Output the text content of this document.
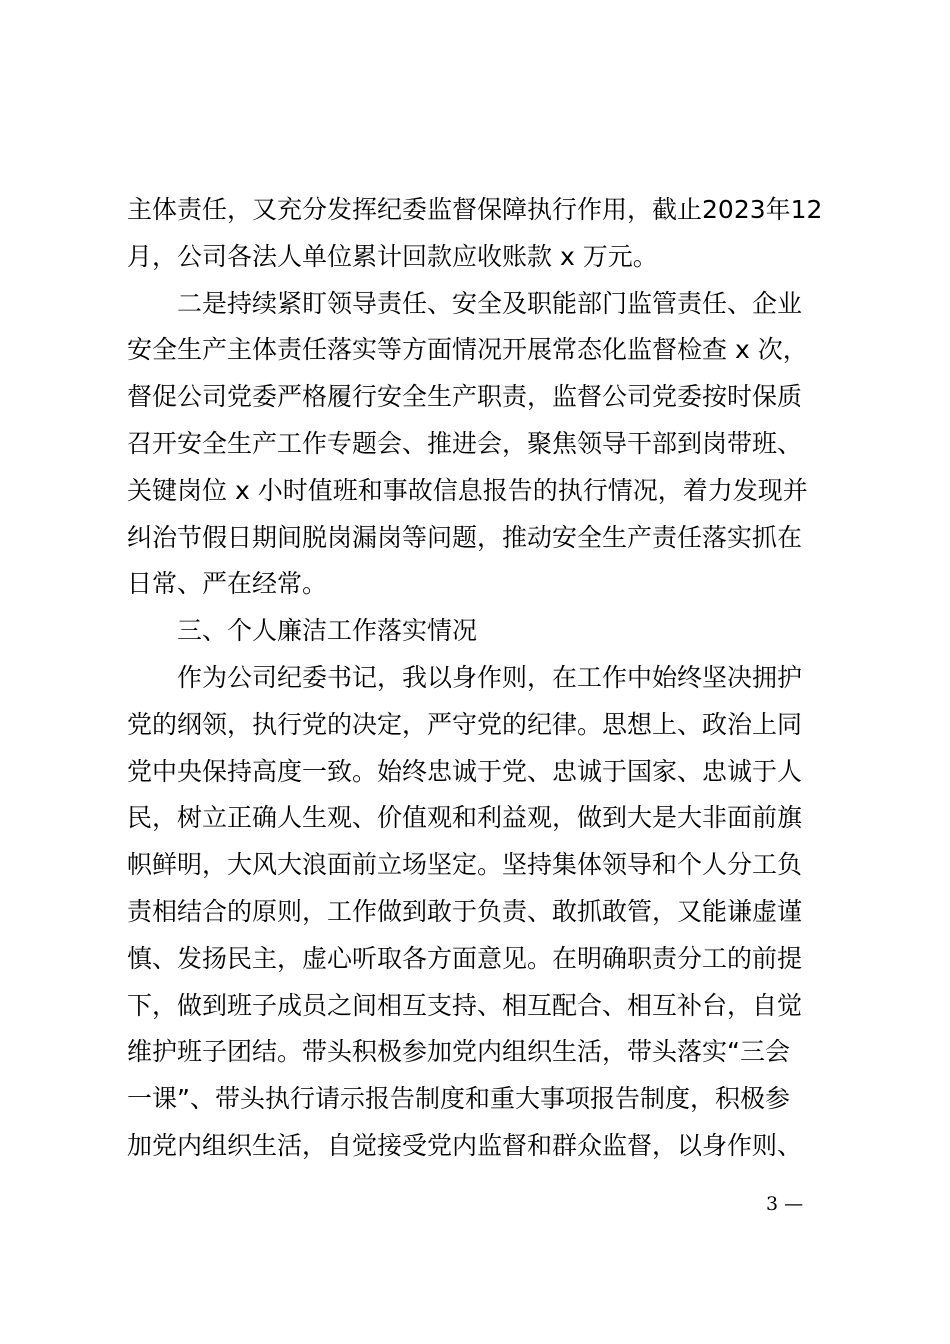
主体责任，又充分发挥纪委监督保障执行作用，截止2023年12
月，公司各法人单位累计回款应收账款 x 万元。
　　二是持续紧盯领导责任、安全及职能部门监管责任、企业
安全生产主体责任落实等方面情况开展常态化监督检查 x 次，
督促公司党委严格履行安全生产职责，监督公司党委按时保质
召开安全生产工作专题会、推进会，聚焦领导干部到岗带班、
关键岗位 x 小时值班和事故信息报告的执行情况，着力发现并
纠治节假日期间脱岗漏岗等问题，推动安全生产责任落实抓在
日常、严在经常。
　　三、个人廉洁工作落实情况
　　作为公司纪委书记，我以身作则，在工作中始终坚决拥护
党的纲领，执行党的决定，严守党的纪律。思想上、政治上同
党中央保持高度一致。始终忠诚于党、忠诚于国家、忠诚于人
民，树立正确人生观、价值观和利益观，做到大是大非面前旗
帜鲜明，大风大浪面前立场坚定。坚持集体领导和个人分工负
责相结合的原则，工作做到敢于负责、敢抓敢管，又能谦虚谨
慎、发扬民主，虚心听取各方面意见。在明确职责分工的前提
下，做到班子成员之间相互支持、相互配合、相互补台，自觉
维护班子团结。带头积极参加党内组织生活，带头落实“三会
一课”、带头执行请示报告制度和重大事项报告制度，积极参
加党内组织生活，自觉接受党内监督和群众监督，以身作则、
3 —
